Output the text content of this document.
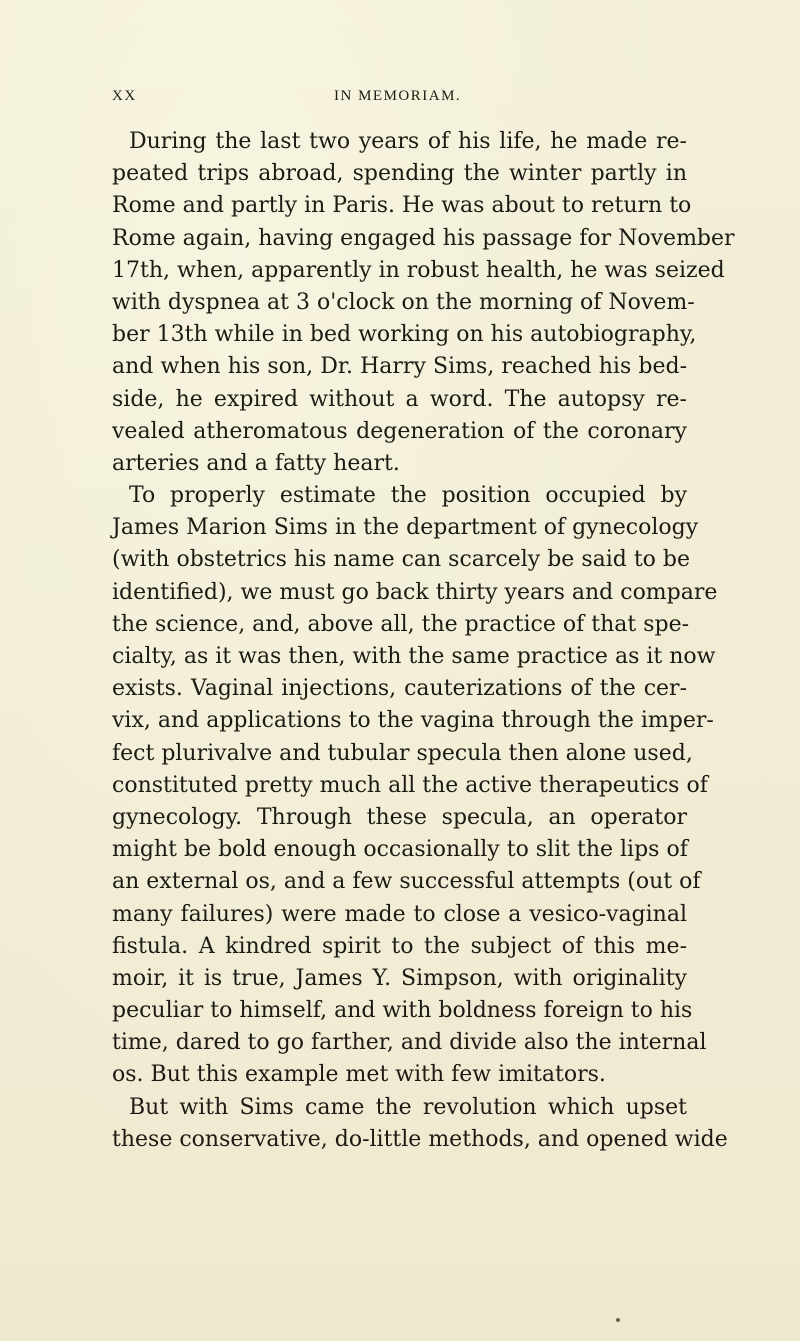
XX	IN MEMORIAM.
During the last two years of his life, he made re-
peated trips abroad, spending the winter partly in
Rome and partly in Paris. He was about to return to
Rome again, having engaged his passage for November
17th, when, apparently in robust health, he was seized
with dyspnea at 3 o'clock on the morning of Novem-
ber 13th while in bed working on his autobiography,
and when his son, Dr. Harry Sims, reached his bed-
side, he expired without a word. The autopsy re-
vealed atheromatous degeneration of the coronary
arteries and a fatty heart.
To properly estimate the position occupied by
James Marion Sims in the department of gynecology
(with obstetrics his name can scarcely be said to be
identified), we must go back thirty years and compare
the science, and, above all, the practice of that spe-
cialty, as it was then, with the same practice as it now
exists. Vaginal injections, cauterizations of the cer-
vix, and applications to the vagina through the imper-
fect plurivalve and tubular specula then alone used,
constituted pretty much all the active therapeutics of
gynecology. Through these specula, an operator
might be bold enough occasionally to slit the lips of
an external os, and a few successful attempts (out of
many failures) were made to close a vesico-vaginal
fistula. A kindred spirit to the subject of this me-
moir, it is true, James Y. Simpson, with originality
peculiar to himself, and with boldness foreign to his
time, dared to go farther, and divide also the internal
os. But this example met with few imitators.
But with Sims came the revolution which upset
these conservative, do-little methods, and opened wide
